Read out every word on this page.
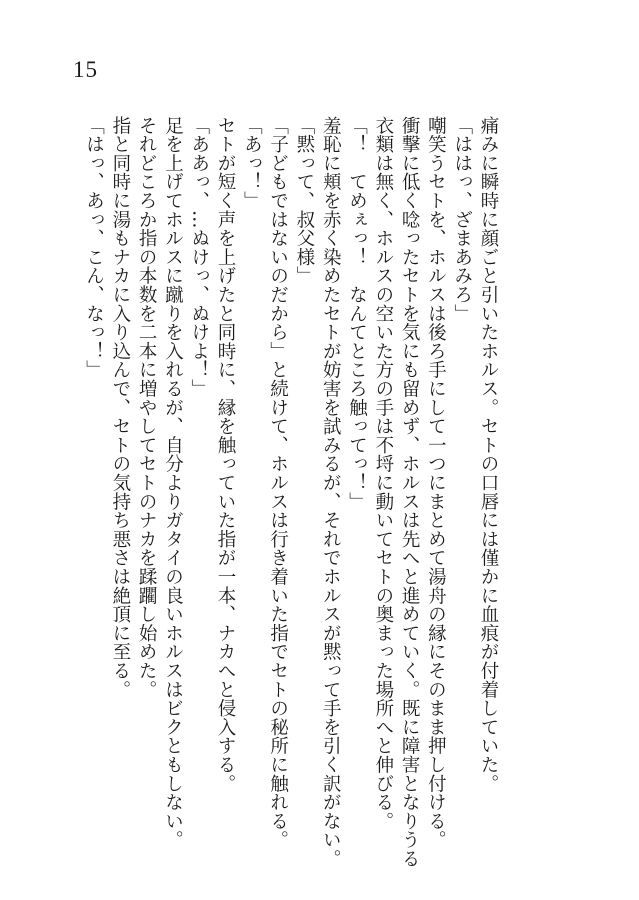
15
痛みに瞬時に顔ごと引いたホルス。セトの口唇には僅かに血痕が付着していた。
「ははっ、ざまあみろ」
嘲笑うセトを、ホルスは後ろ手にして一つにまとめて湯舟の縁にそのまま押し付ける。
衝撃に低く唸ったセトを気にも留めず、ホルスは先へと進めていく。既に障害となりうる
衣類は無く、ホルスの空いた方の手は不埒に動いてセトの奥まった場所へと伸びる。
「！　てめぇっ！　なんてところ触ってっ！」
羞恥に頬を赤く染めたセトが妨害を試みるが、それでホルスが黙って手を引く訳がない。
「黙って、叔父様」
「子どもではないのだから」と続けて、ホルスは行き着いた指でセトの秘所に触れる。
「あっ！」
セトが短く声を上げたと同時に、縁を触っていた指が一本、ナカへと侵入する。
「ああっ、…ぬけっ、ぬけよ！」
足を上げてホルスに蹴りを入れるが、自分よりガタイの良いホルスはビクともしない。
それどころか指の本数を二本に増やしてセトのナカを蹂躙し始めた。
指と同時に湯もナカに入り込んで、セトの気持ち悪さは絶頂に至る。
「はっ、あっ、こん、なっ！」
